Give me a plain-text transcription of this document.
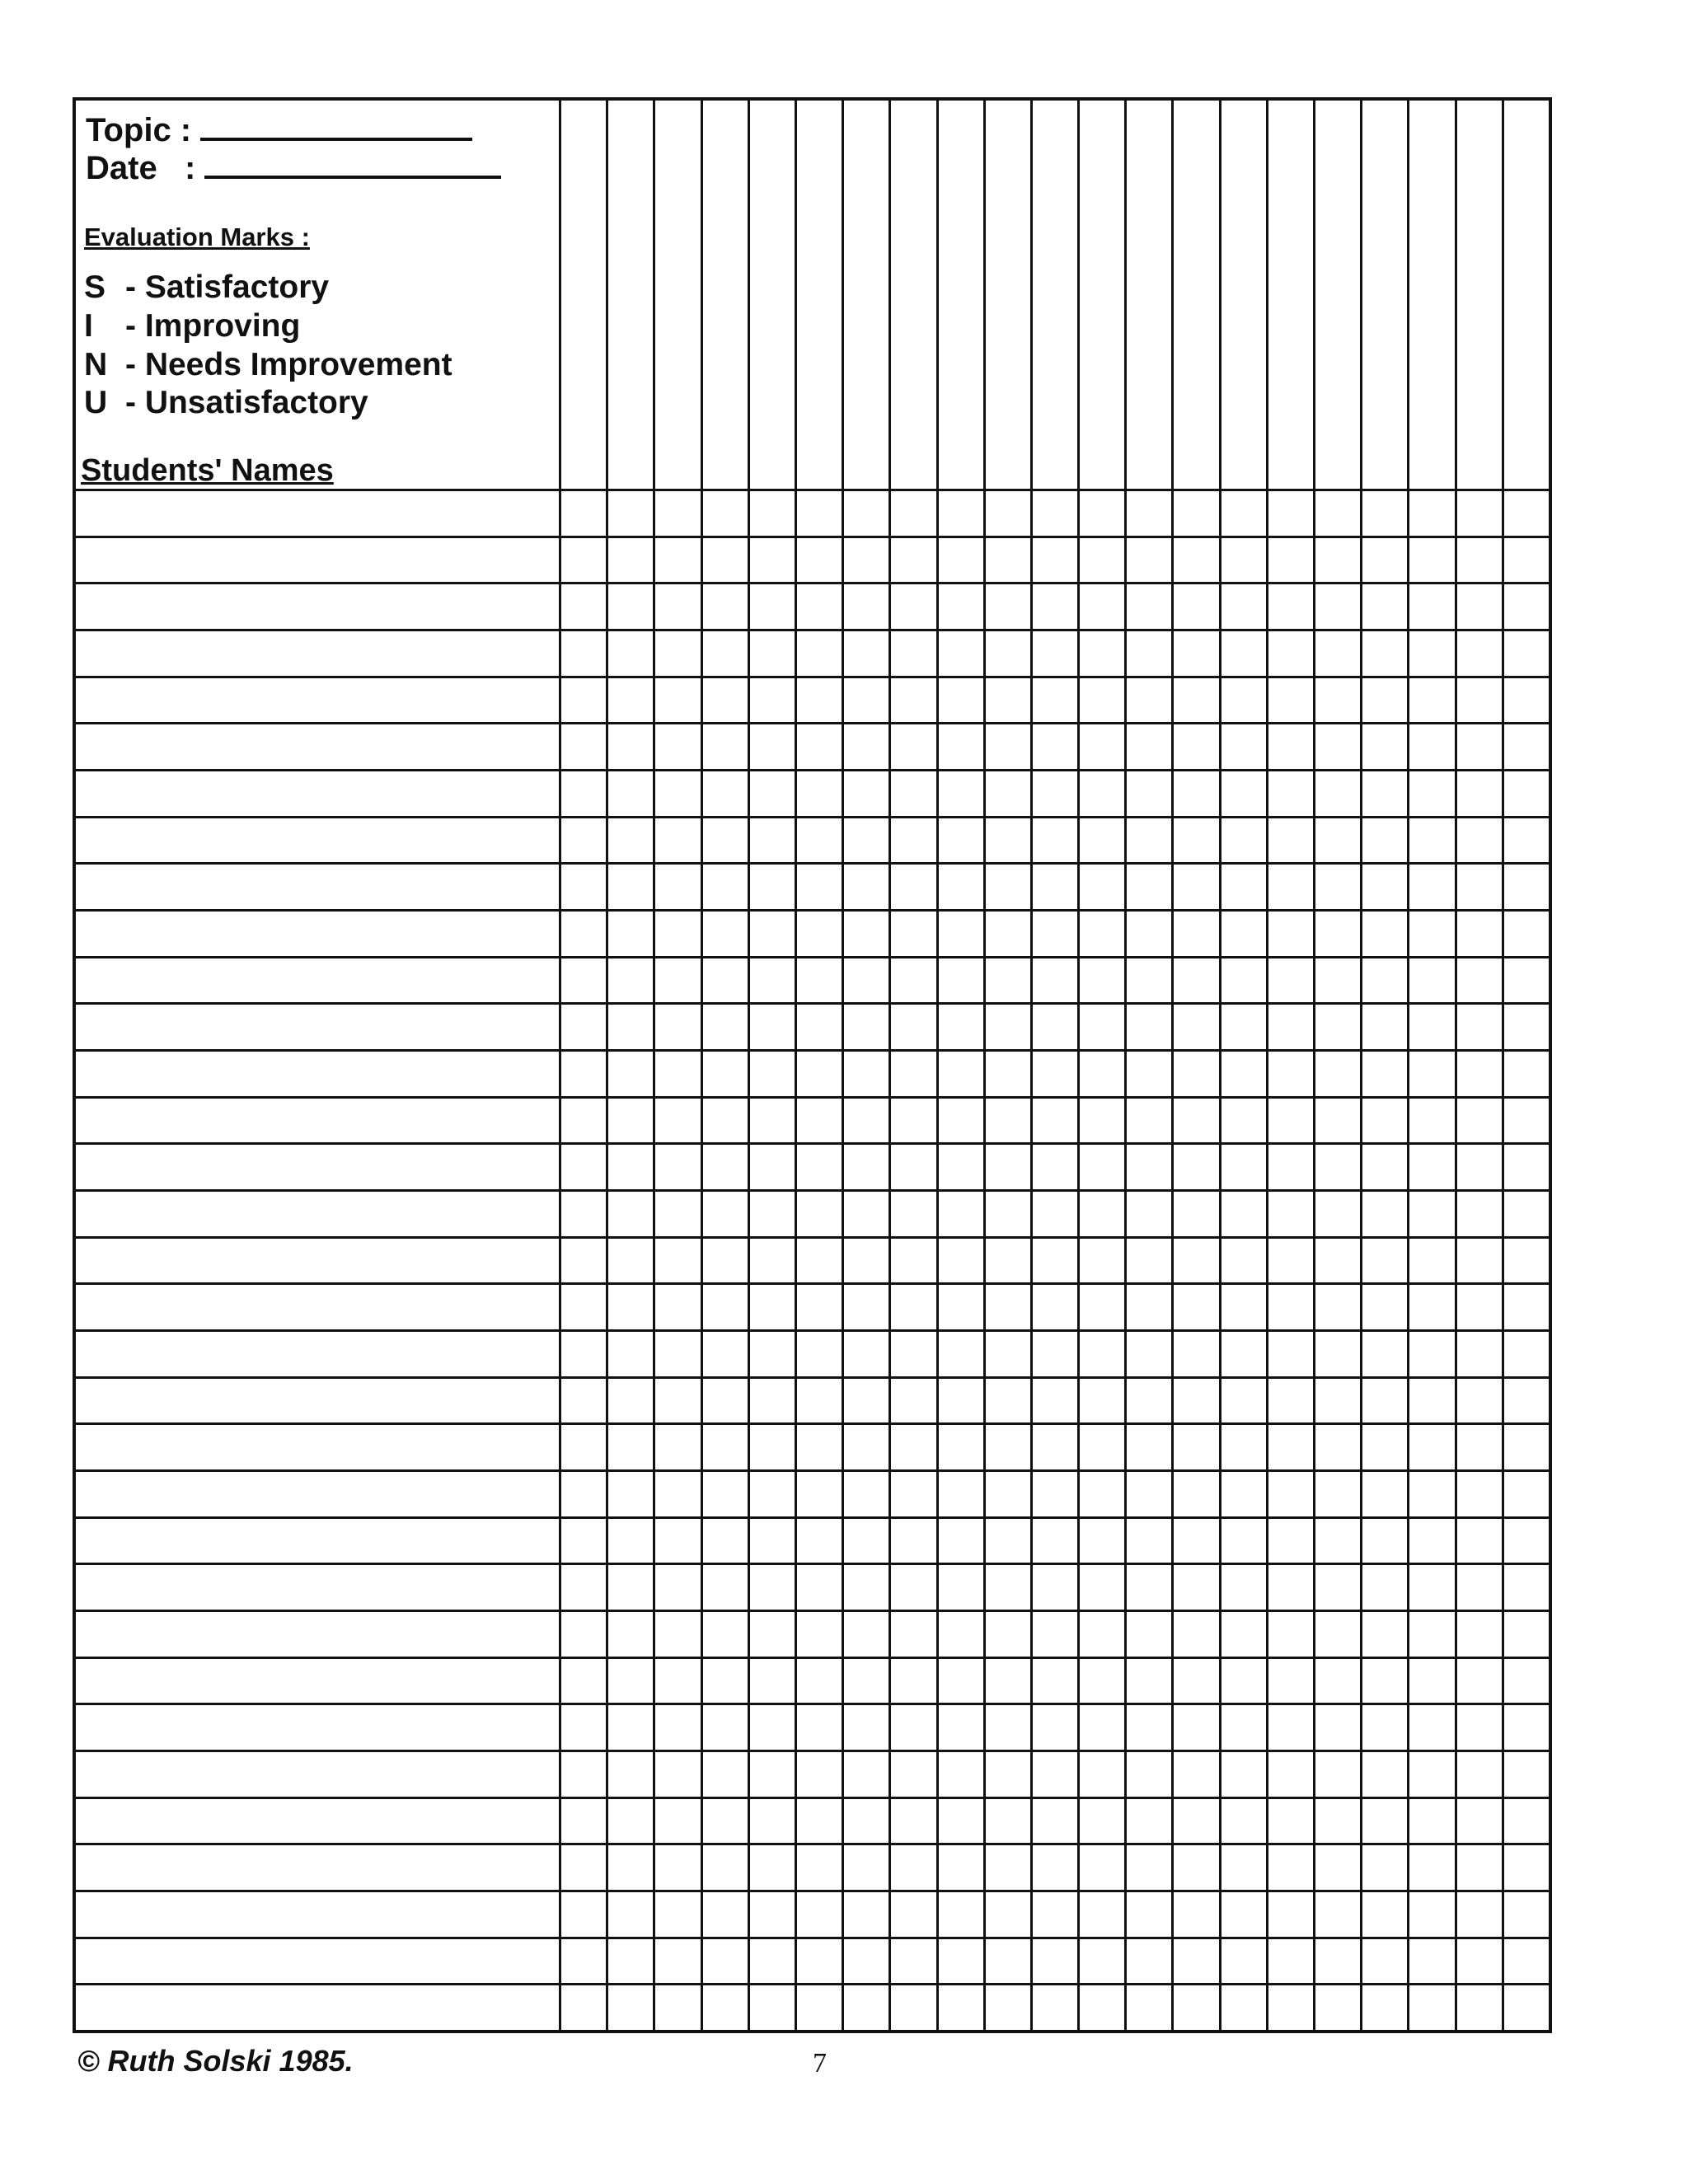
Topic :
Date   :
Evaluation Marks :
S - Satisfactory
I - Improving
N - Needs Improvement
U - Unsatisfactory
Students' Names
© Ruth Solski 1985.	7
